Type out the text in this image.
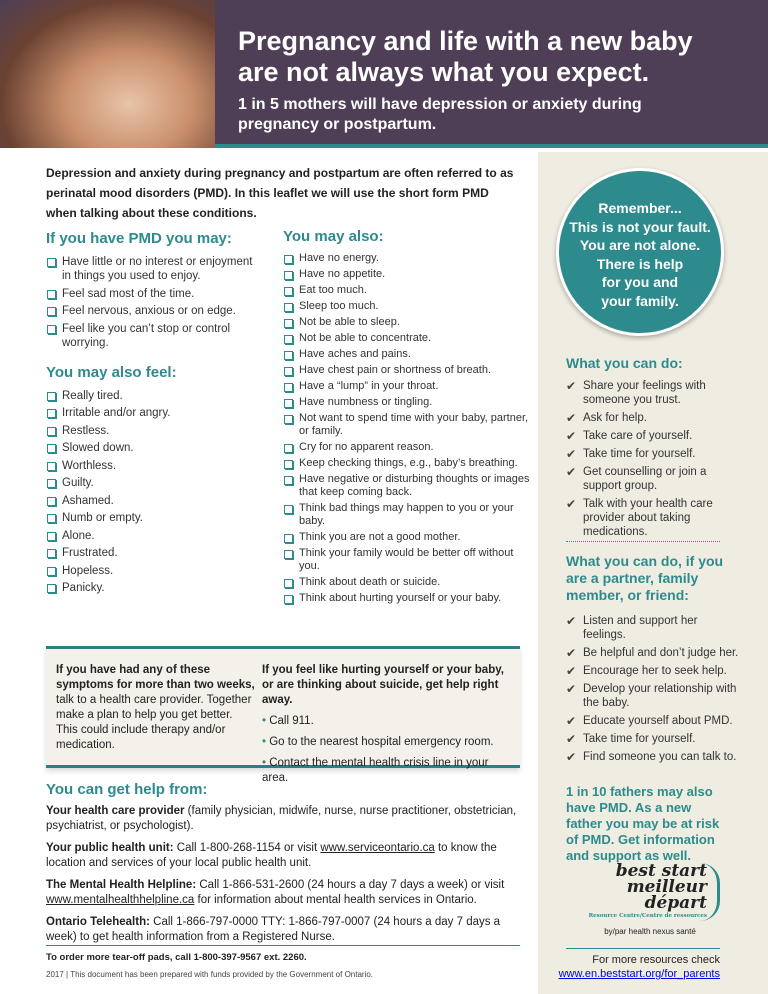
Pregnancy and life with a new baby
are not always what you expect.
1 in 5 mothers will have depression or anxiety during
pregnancy or postpartum.

Depression and anxiety during pregnancy and postpartum are often referred to as perinatal mood disorders (PMD). In this leaflet we will use the short form PMD when talking about these conditions.

If you have PMD you may:
Have little or no interest or enjoyment in things you used to enjoy.
Feel sad most of the time.
Feel nervous, anxious or on edge.
Feel like you can’t stop or control worrying.
You may also feel:
Really tired.
Irritable and/or angry.
Restless.
Slowed down.
Worthless.
Guilty.
Ashamed.
Numb or empty.
Alone.
Frustrated.
Hopeless.
Panicky.
You may also:
Have no energy.
Have no appetite.
Eat too much.
Sleep too much.
Not be able to sleep.
Not be able to concentrate.
Have aches and pains.
Have chest pain or shortness of breath.
Have a “lump” in your throat.
Have numbness or tingling.
Not want to spend time with your baby, partner, or family.
Cry for no apparent reason.
Keep checking things, e.g., baby’s breathing.
Have negative or disturbing thoughts or images that keep coming back.
Think bad things may happen to you or your baby.
Think you are not a good mother.
Think your family would be better off without you.
Think about death or suicide.
Think about hurting yourself or your baby.
If you have had any of these symptoms for more than two weeks, talk to a health care provider. Together make a plan to help you get better. This could include therapy and/or medication.
If you feel like hurting yourself or your baby, or are thinking about suicide, get help right away.
• Call 911.
• Go to the nearest hospital emergency room.
• Contact the mental health crisis line in your area.
You can get help from:

Your health care provider (family physician, midwife, nurse, nurse practitioner, obstetrician, psychiatrist, or psychologist).

Your public health unit: Call 1-800-268-1154 or visit www.serviceontario.ca to know the location and services of your local public health unit.

The Mental Health Helpline: Call 1-866-531-2600 (24 hours a day 7 days a week) or visit www.mentalhealthhelpline.ca for information about mental health services in Ontario.

Ontario Telehealth: Call 1-866-797-0000 TTY: 1-866-797-0007 (24 hours a day 7 days a week) to get health information from a Registered Nurse.

To order more tear-off pads, call 1-800-397-9567 ext. 2260.
2017 | This document has been prepared with funds provided by the Government of Ontario.
Remember...
This is not your fault.
You are not alone.
There is help
for you and
your family.
What you can do:
✔ Share your feelings with someone you trust.
✔ Ask for help.
✔ Take care of yourself.
✔ Take time for yourself.
✔ Get counselling or join a support group.
✔ Talk with your health care provider about taking medications.
What you can do, if you are a partner, family member, or friend:
✔ Listen and support her feelings.
✔ Be helpful and don’t judge her.
✔ Encourage her to seek help.
✔ Develop your relationship with the baby.
✔ Educate yourself about PMD.
✔ Take time for yourself.
✔ Find someone you can talk to.

1 in 10 fathers may also have PMD. As a new father you may be at risk of PMD. Get information and support as well.

best start
meilleur départ
Resource Centre/Centre de ressources
by/par health nexus santé
For more resources check
www.en.beststart.org/for_parents
